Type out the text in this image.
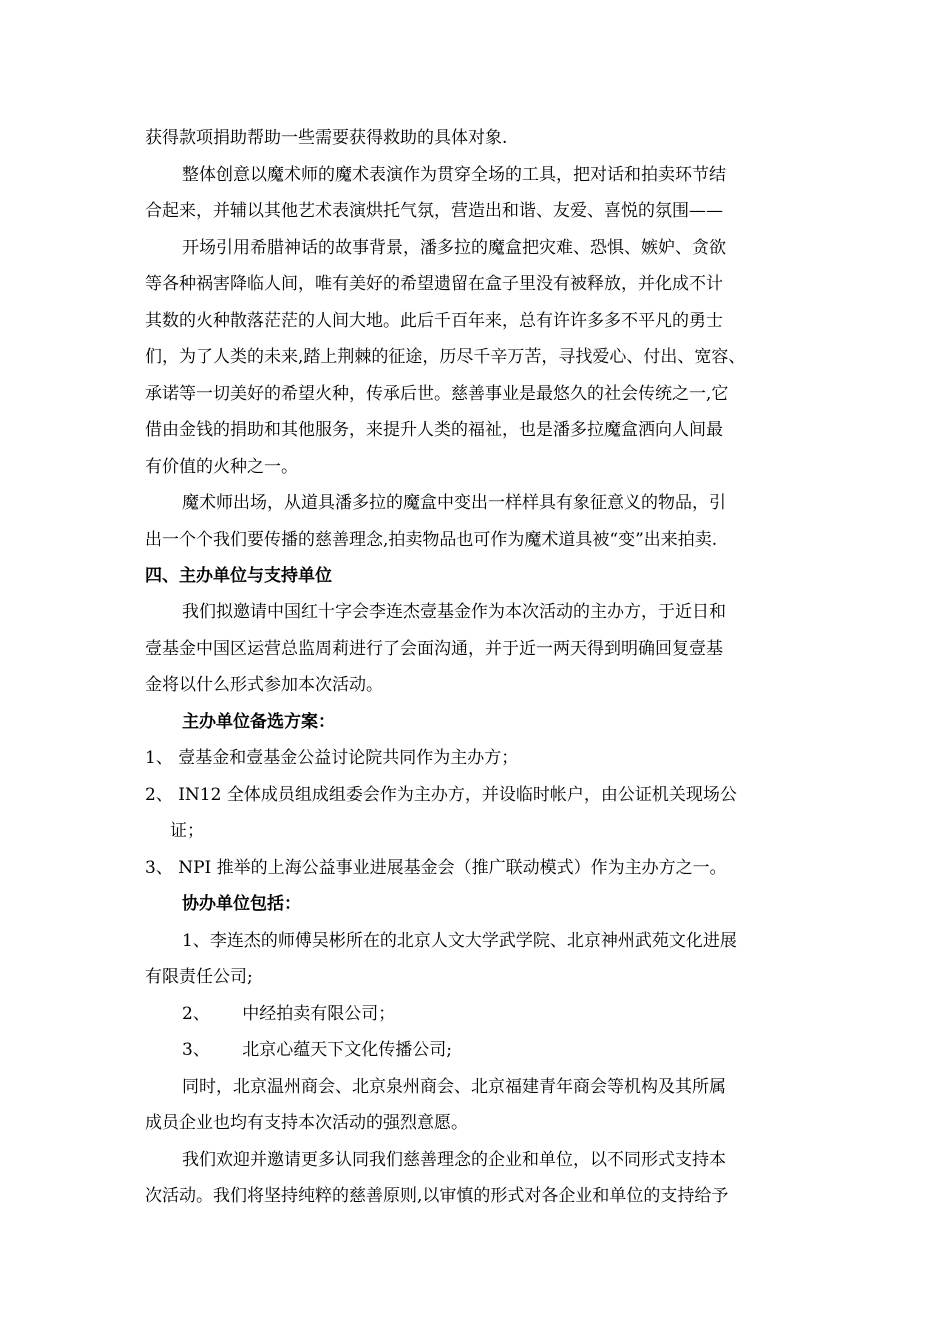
获得款项捐助帮助一些需要获得救助的具体对象.
整体创意以魔术师的魔术表演作为贯穿全场的工具，把对话和拍卖环节结
合起来，并辅以其他艺术表演烘托气氛，营造出和谐、友爱、喜悦的氛围——
开场引用希腊神话的故事背景，潘多拉的魔盒把灾难、恐惧、嫉妒、贪欲
等各种祸害降临人间，唯有美好的希望遗留在盒子里没有被释放，并化成不计
其数的火种散落茫茫的人间大地。此后千百年来，总有许许多多不平凡的勇士
们，为了人类的未来,踏上荆棘的征途，历尽千辛万苦，寻找爱心、付出、宽容、
承诺等一切美好的希望火种，传承后世。慈善事业是最悠久的社会传统之一,它
借由金钱的捐助和其他服务，来提升人类的福祉，也是潘多拉魔盒洒向人间最
有价值的火种之一。
魔术师出场，从道具潘多拉的魔盒中变出一样样具有象征意义的物品，引
出一个个我们要传播的慈善理念,拍卖物品也可作为魔术道具被“变”出来拍卖.
四、主办单位与支持单位
我们拟邀请中国红十字会李连杰壹基金作为本次活动的主办方，于近日和
壹基金中国区运营总监周莉进行了会面沟通，并于近一两天得到明确回复壹基
金将以什么形式参加本次活动。
主办单位备选方案：
1、 壹基金和壹基金公益讨论院共同作为主办方；
2、 IN12 全体成员组成组委会作为主办方，并设临时帐户，由公证机关现场公
证；
3、 NPI 推举的上海公益事业进展基金会（推广联动模式）作为主办方之一。
协办单位包括：
1、李连杰的师傅吴彬所在的北京人文大学武学院、北京神州武苑文化进展
有限责任公司;
2、      中经拍卖有限公司；
3、      北京心蕴天下文化传播公司;
同时，北京温州商会、北京泉州商会、北京福建青年商会等机构及其所属
成员企业也均有支持本次活动的强烈意愿。
我们欢迎并邀请更多认同我们慈善理念的企业和单位，以不同形式支持本
次活动。我们将坚持纯粹的慈善原则,以审慎的形式对各企业和单位的支持给予
